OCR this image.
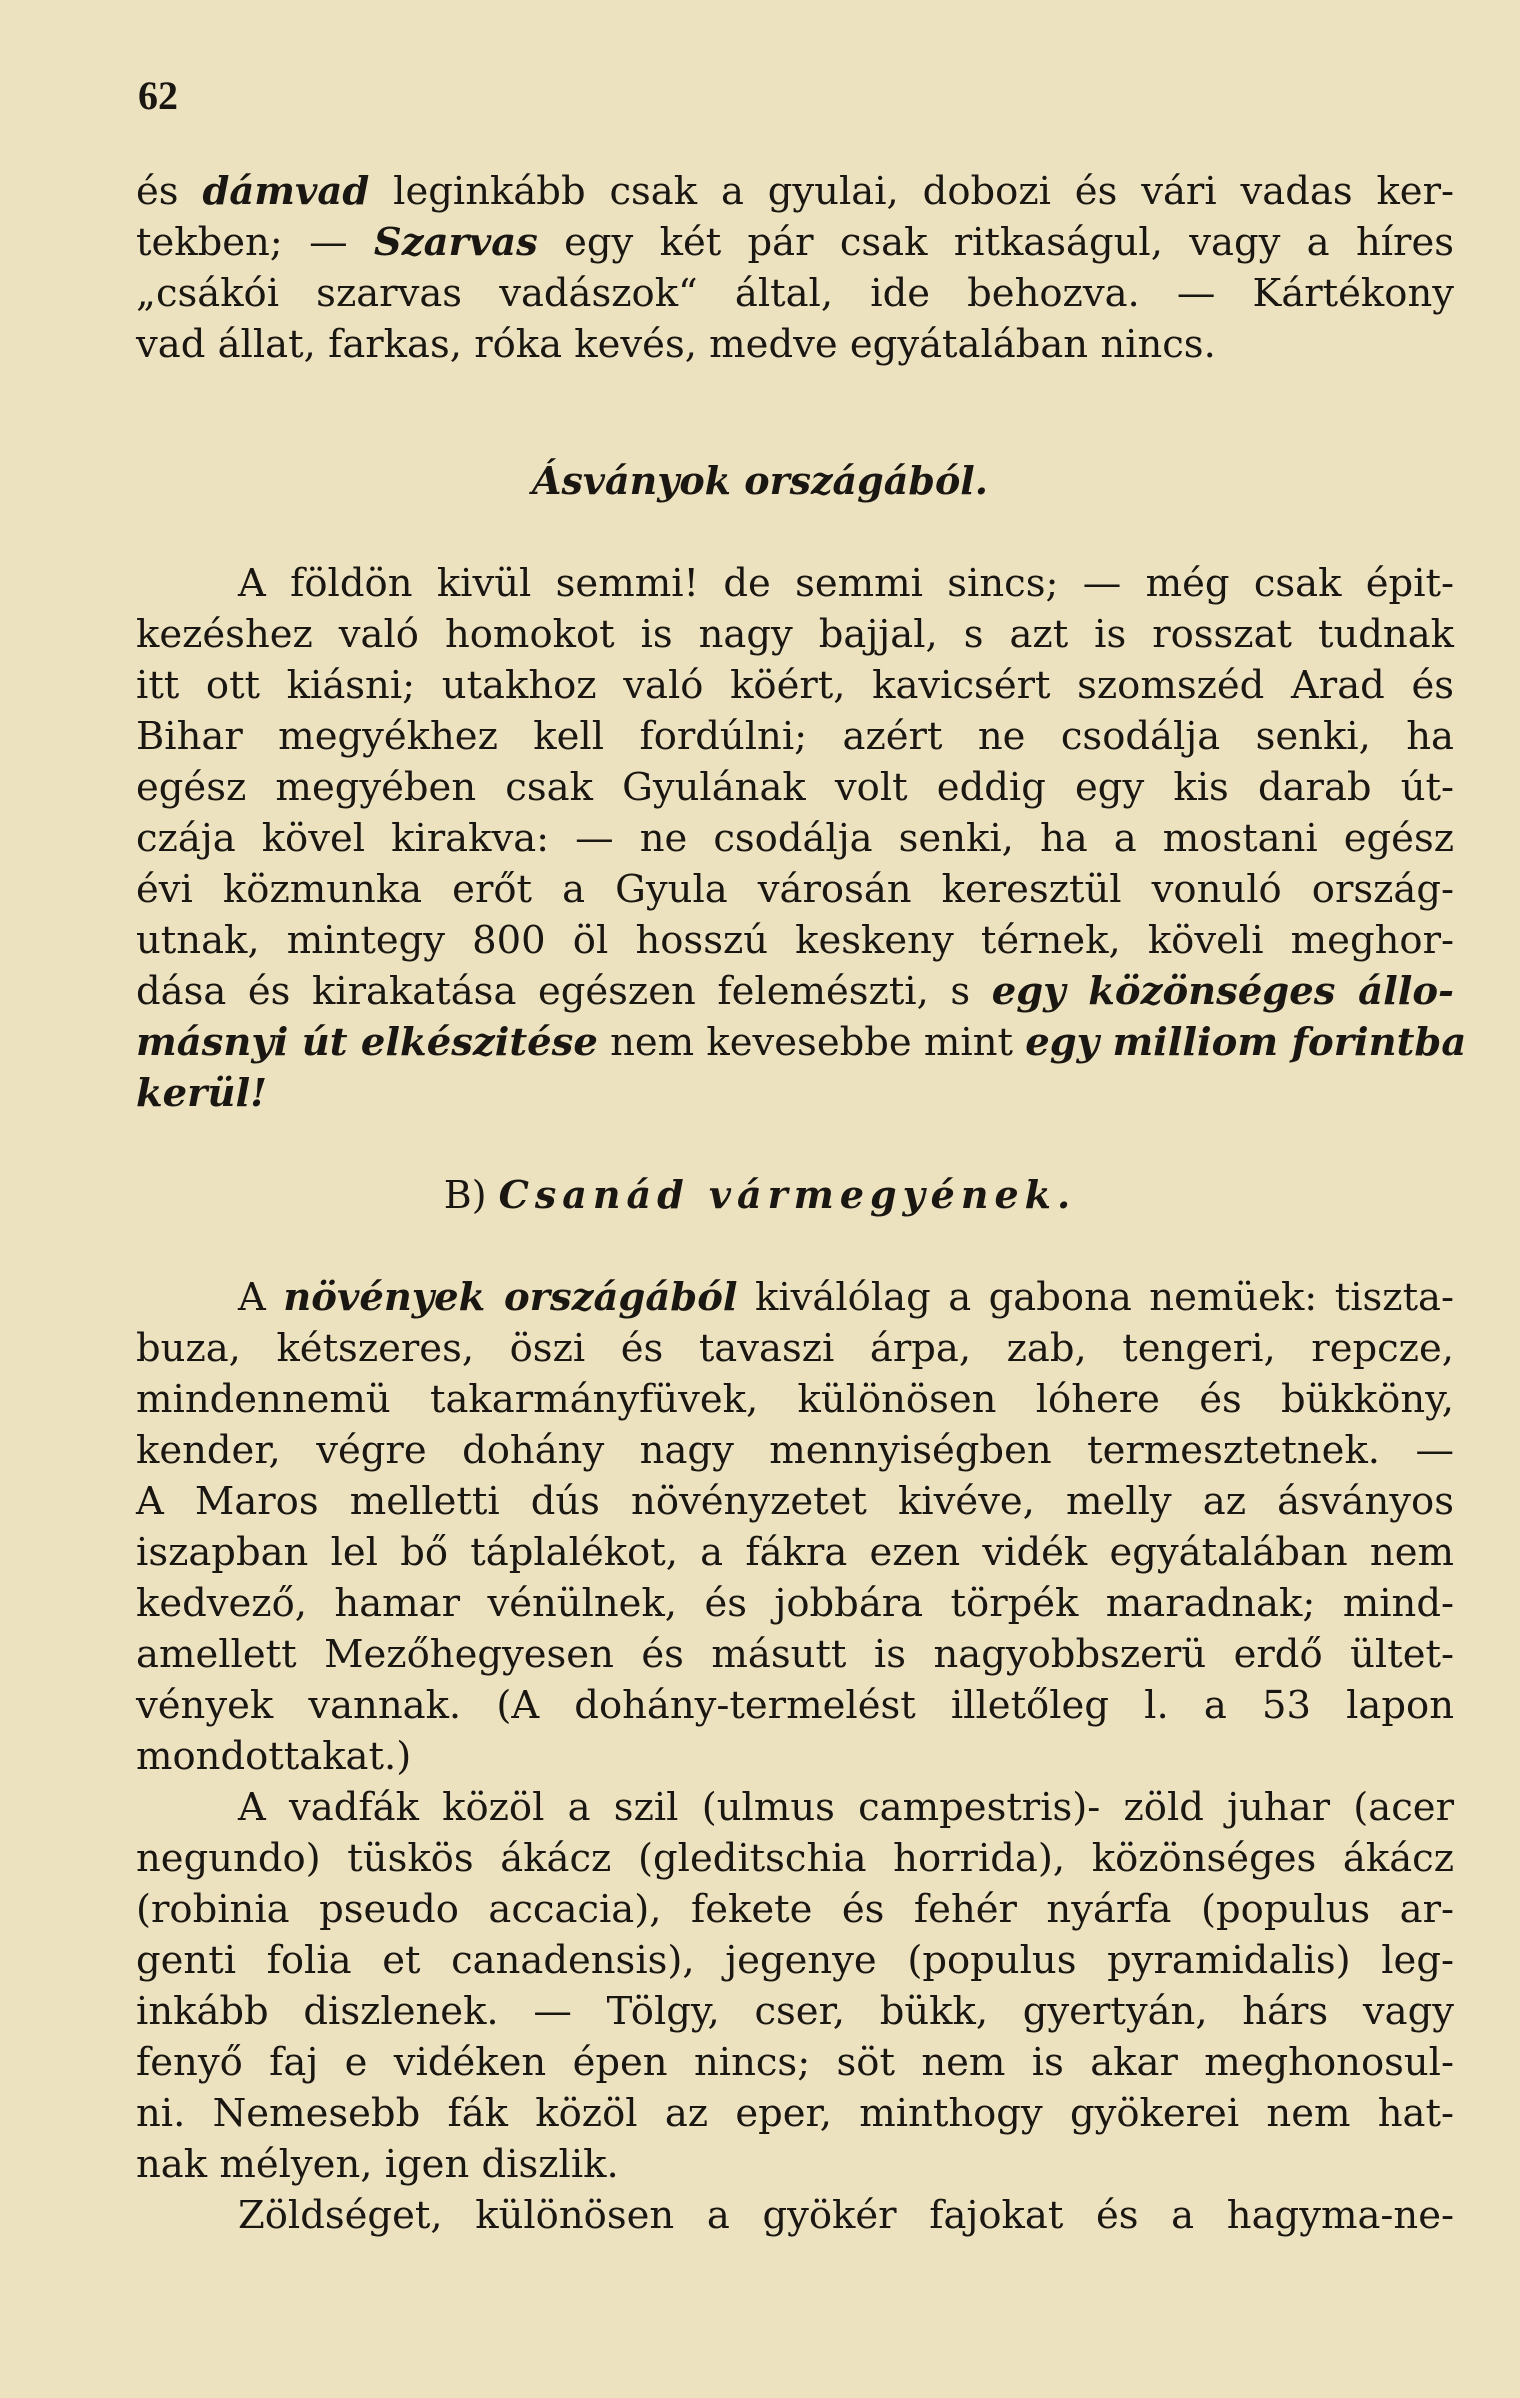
62
és dámvad leginkább csak a gyulai, dobozi és vári vadas ker-
tekben; — Szarvas egy két pár csak ritkaságul, vagy a híres
„csákói szarvas vadászok“ által, ide behozva. — Kártékony
vad állat, farkas, róka kevés, medve egyátalában nincs.
Ásványok országából.
A földön kivül semmi! de semmi sincs; — még csak épit-
kezéshez való homokot is nagy bajjal, s azt is rosszat tudnak
itt ott kiásni; utakhoz való köért, kavicsért szomszéd Arad és
Bihar megyékhez kell fordúlni; azért ne csodálja senki, ha
egész megyében csak Gyulának volt eddig egy kis darab út-
czája kövel kirakva: — ne csodálja senki, ha a mostani egész
évi közmunka erőt a Gyula városán keresztül vonuló ország-
utnak, mintegy 800 öl hosszú keskeny térnek, köveli meghor-
dása és kirakatása egészen felemészti, s egy közönséges állo-
másnyi út elkészitése nem kevesebbe mint egy milliom forintba
kerül!
B) Csanád vármegyének.
A növények országából kiválólag a gabona nemüek: tiszta-
buza, kétszeres, öszi és tavaszi árpa, zab, tengeri, repcze,
mindennemü takarmányfüvek, különösen lóhere és bükköny,
kender, végre dohány nagy mennyiségben termesztetnek. —
A Maros melletti dús növényzetet kivéve, melly az ásványos
iszapban lel bő táplalékot, a fákra ezen vidék egyátalában nem
kedvező, hamar vénülnek, és jobbára törpék maradnak; mind-
amellett Mezőhegyesen és másutt is nagyobbszerü erdő ültet-
vények vannak. (A dohány-termelést illetőleg l. a 53 lapon
mondottakat.)
A vadfák közöl a szil (ulmus campestris)- zöld juhar (acer
negundo) tüskös ákácz (gleditschia horrida), közönséges ákácz
(robinia pseudo accacia), fekete és fehér nyárfa (populus ar-
genti folia et canadensis), jegenye (populus pyramidalis) leg-
inkább diszlenek. — Tölgy, cser, bükk, gyertyán, hárs vagy
fenyő faj e vidéken épen nincs; söt nem is akar meghonosul-
ni. Nemesebb fák közöl az eper, minthogy gyökerei nem hat-
nak mélyen, igen diszlik.
Zöldséget, különösen a gyökér fajokat és a hagyma-ne-
